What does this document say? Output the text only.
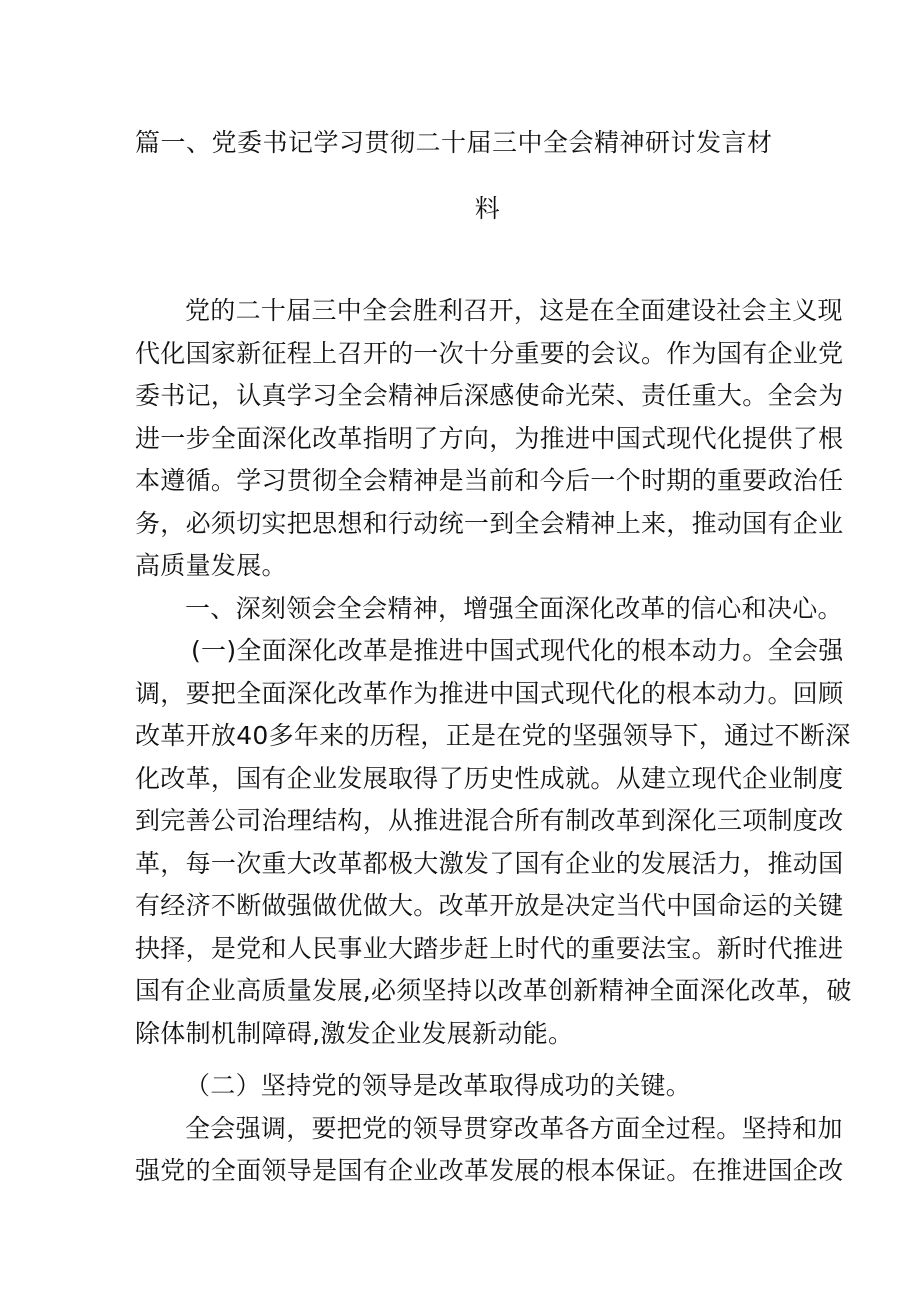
篇一、党委书记学习贯彻二十届三中全会精神研讨发言材
料
党的二十届三中全会胜利召开，这是在全面建设社会主义现
代化国家新征程上召开的一次十分重要的会议。作为国有企业党
委书记，认真学习全会精神后深感使命光荣、责任重大。全会为
进一步全面深化改革指明了方向，为推进中国式现代化提供了根
本遵循。学习贯彻全会精神是当前和今后一个时期的重要政治任
务，必须切实把思想和行动统一到全会精神上来，推动国有企业
高质量发展。
一、深刻领会全会精神，增强全面深化改革的信心和决心。
(一)全面深化改革是推进中国式现代化的根本动力。全会强
调，要把全面深化改革作为推进中国式现代化的根本动力。回顾
改革开放40多年来的历程，正是在党的坚强领导下，通过不断深
化改革，国有企业发展取得了历史性成就。从建立现代企业制度
到完善公司治理结构，从推进混合所有制改革到深化三项制度改
革，每一次重大改革都极大激发了国有企业的发展活力，推动国
有经济不断做强做优做大。改革开放是决定当代中国命运的关键
抉择，是党和人民事业大踏步赶上时代的重要法宝。新时代推进
国有企业高质量发展,必须坚持以改革创新精神全面深化改革，破
除体制机制障碍,激发企业发展新动能。
（二）坚持党的领导是改革取得成功的关键。
全会强调，要把党的领导贯穿改革各方面全过程。坚持和加
强党的全面领导是国有企业改革发展的根本保证。在推进国企改
